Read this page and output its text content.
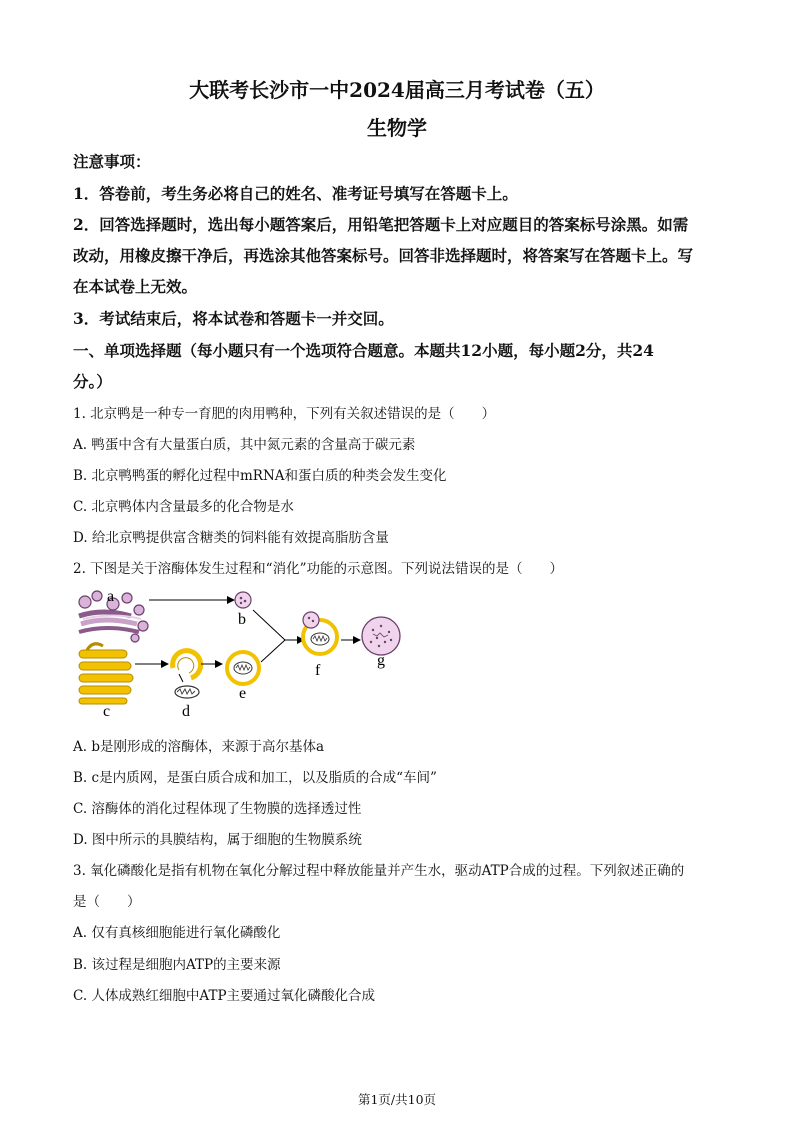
大联考长沙市一中2024届高三月考试卷（五）
生物学
注意事项：
1．答卷前，考生务必将自己的姓名、准考证号填写在答题卡上。
2．回答选择题时，选出每小题答案后，用铅笔把答题卡上对应题目的答案标号涂黑。如需
改动，用橡皮擦干净后，再选涂其他答案标号。回答非选择题时，将答案写在答题卡上。写
在本试卷上无效。
3．考试结束后，将本试卷和答题卡一并交回。
一、单项选择题（每小题只有一个选项符合题意。本题共12小题，每小题2分，共24
分。）
1. 北京鸭是一种专一育肥的肉用鸭种，下列有关叙述错误的是（　　）
A. 鸭蛋中含有大量蛋白质，其中氮元素的含量高于碳元素
B. 北京鸭鸭蛋的孵化过程中mRNA和蛋白质的种类会发生变化
C. 北京鸭体内含量最多的化合物是水
D. 给北京鸭提供富含糖类的饲料能有效提高脂肪含量
2. 下图是关于溶酶体发生过程和“消化”功能的示意图。下列说法错误的是（　　）
a
b
c	d
e
f
g
A. b是刚形成的溶酶体，来源于高尔基体a
B. c是内质网，是蛋白质合成和加工，以及脂质的合成“车间”
C. 溶酶体的消化过程体现了生物膜的选择透过性
D. 图中所示的具膜结构，属于细胞的生物膜系统
3. 氧化磷酸化是指有机物在氧化分解过程中释放能量并产生水，驱动ATP合成的过程。下列叙述正确的
是（　　）
A. 仅有真核细胞能进行氧化磷酸化
B. 该过程是细胞内ATP的主要来源
C. 人体成熟红细胞中ATP主要通过氧化磷酸化合成
第1页/共10页
